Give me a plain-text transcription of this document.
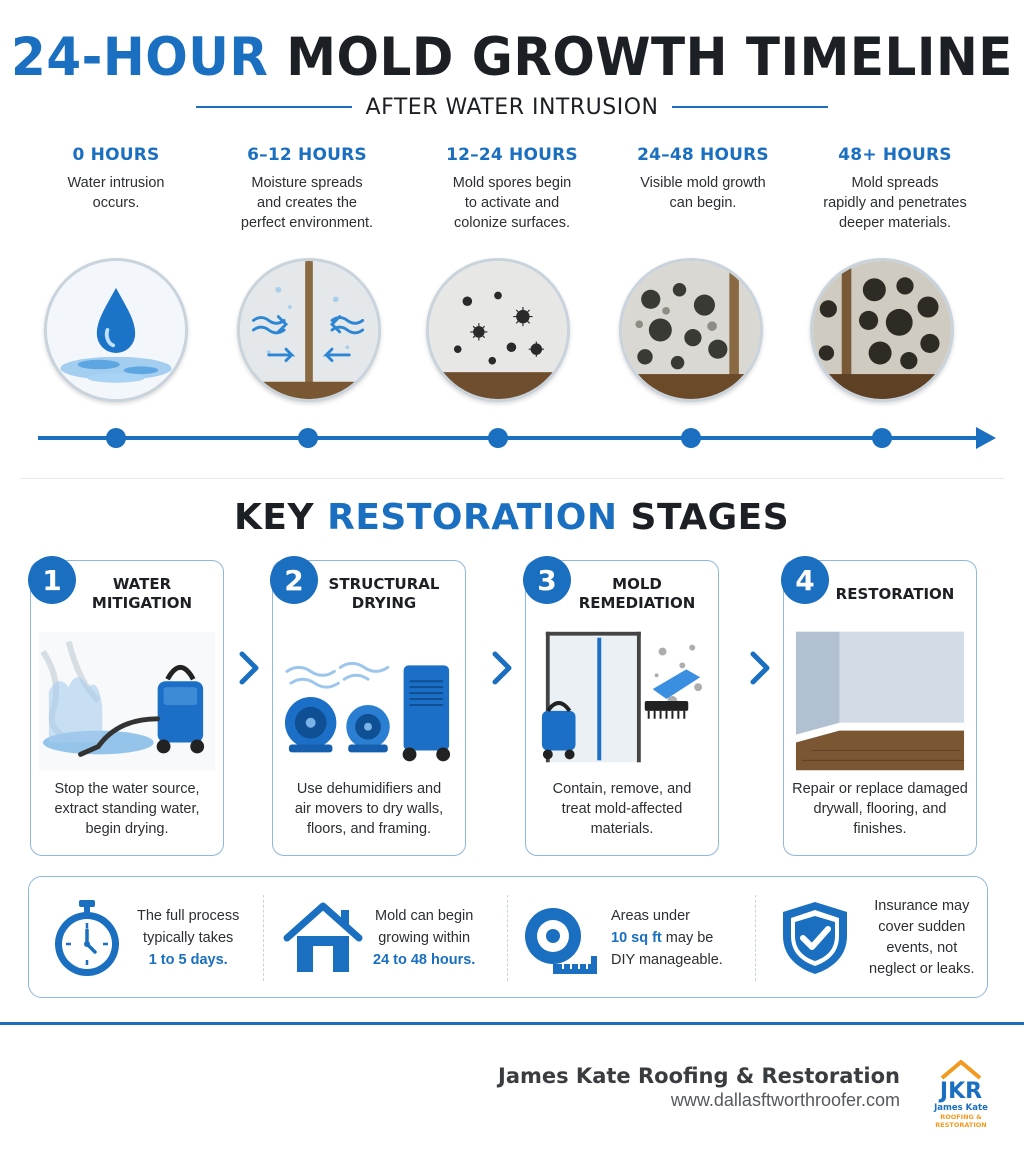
24-HOUR MOLD GROWTH TIMELINE
AFTER WATER INTRUSION
0 HOURS
Water intrusion
occurs.
6–12 HOURS
Moisture spreads
and creates the
perfect environment.
12–24 HOURS
Mold spores begin
to activate and
colonize surfaces.
24–48 HOURS
Visible mold growth
can begin.
48+ HOURS
Mold spreads
rapidly and penetrates
deeper materials.
KEY RESTORATION STAGES
WATER
MITIGATION
Stop the water source,
extract standing water,
begin drying.
1	STRUCTURAL
DRYING
Use dehumidifiers and
air movers to dry walls,
floors, and framing.
2	MOLD
REMEDIATION
Contain, remove, and
treat mold-affected
materials.
3	RESTORATION
Repair or replace damaged
drywall, flooring, and
finishes.
4
The full process
typically takes
1 to 5 days.
Mold can begin
growing within
24 to 48 hours.
Areas under
10 sq ft may be
DIY manageable.
Insurance may
cover sudden
events, not
neglect or leaks.
James Kate Roofing & Restoration
www.dallasftworthroofer.com JKR
James Kate
ROOFING &
RESTORATION
